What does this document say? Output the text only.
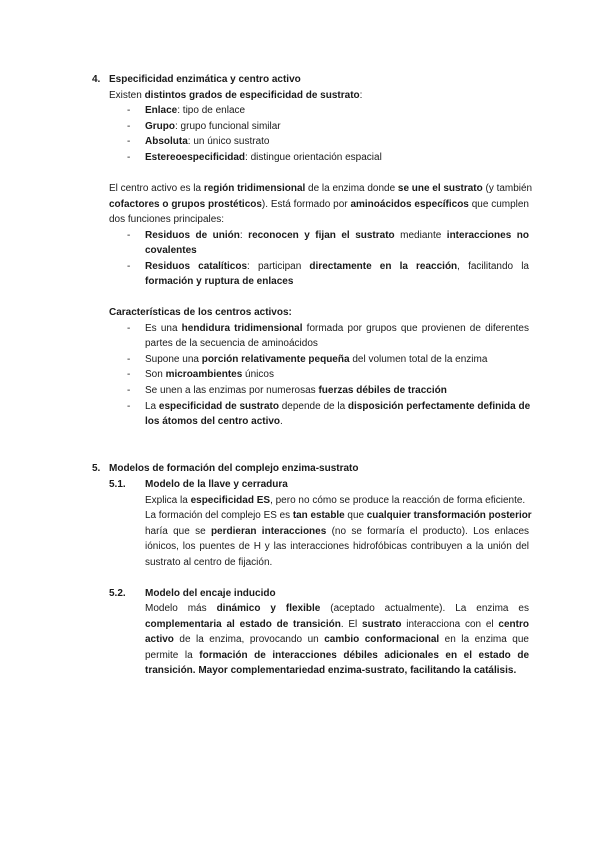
4. Especificidad enzimática y centro activo
Existen distintos grados de especificidad de sustrato:
- Enlace: tipo de enlace
- Grupo: grupo funcional similar
- Absoluta: un único sustrato
- Estereoespecificidad: distingue orientación espacial
El centro activo es la región tridimensional de la enzima donde se une el sustrato (y también
cofactores o grupos prostéticos). Está formado por aminoácidos específicos que cumplen
dos funciones principales:
- Residuos de unión: reconocen y fijan el sustrato mediante interacciones no
covalentes
- Residuos catalíticos: participan directamente en la reacción, facilitando la
formación y ruptura de enlaces
Características de los centros activos:
- Es una hendidura tridimensional formada por grupos que provienen de diferentes
partes de la secuencia de aminoácidos
- Supone una porción relativamente pequeña del volumen total de la enzima
- Son microambientes únicos
- Se unen a las enzimas por numerosas fuerzas débiles de tracción
- La especificidad de sustrato depende de la disposición perfectamente definida de
los átomos del centro activo.
5. Modelos de formación del complejo enzima-sustrato
5.1. Modelo de la llave y cerradura
Explica la especificidad ES, pero no cómo se produce la reacción de forma eficiente.
La formación del complejo ES es tan estable que cualquier transformación posterior
haría que se perdieran interacciones (no se formaría el producto). Los enlaces
iónicos, los puentes de H y las interacciones hidrofóbicas contribuyen a la unión del
sustrato al centro de fijación.
5.2. Modelo del encaje inducido
Modelo más dinámico y flexible (aceptado actualmente). La enzima es
complementaria al estado de transición. El sustrato interacciona con el centro
activo de la enzima, provocando un cambio conformacional en la enzima que
permite la formación de interacciones débiles adicionales en el estado de
transición. Mayor complementariedad enzima-sustrato, facilitando la catálisis.
